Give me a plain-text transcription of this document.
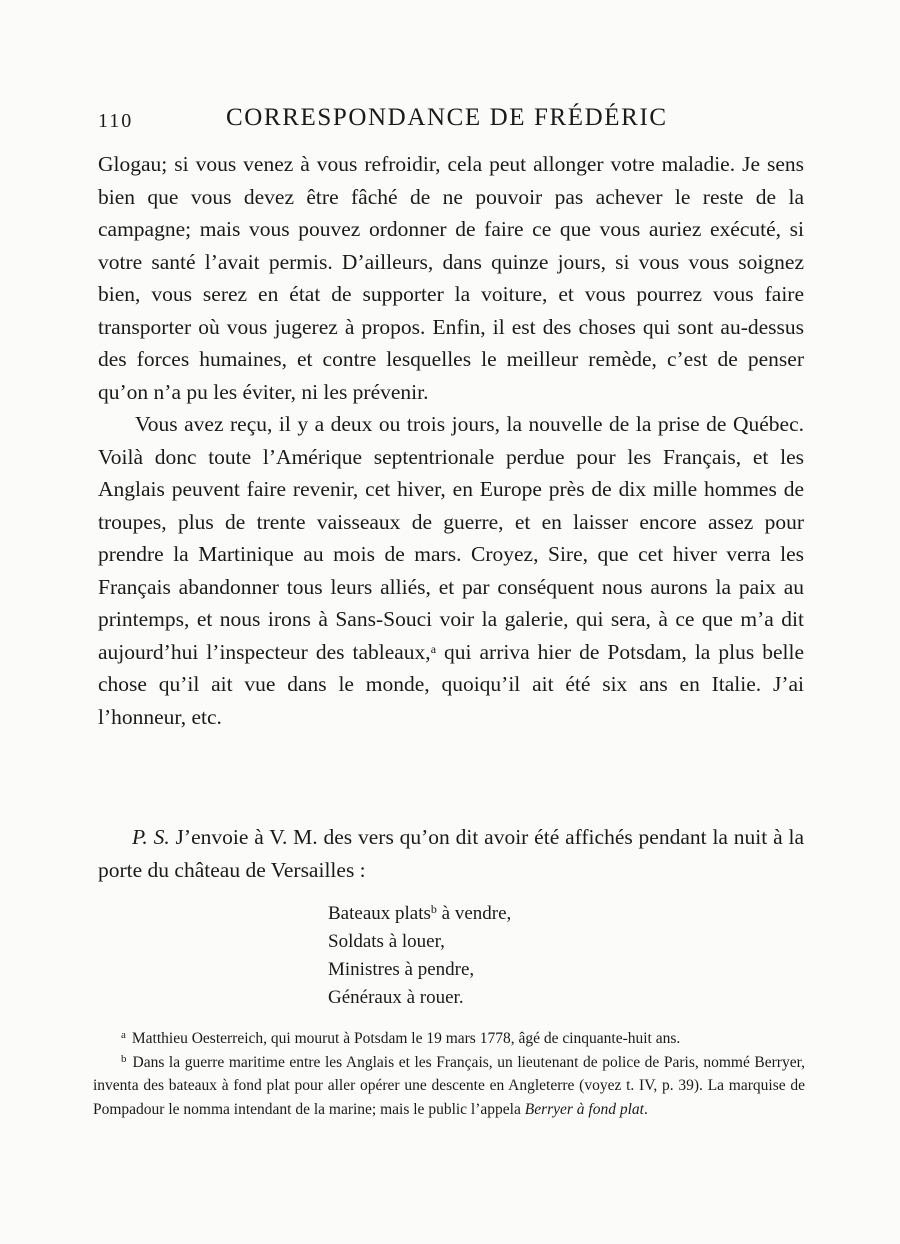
110	CORRESPONDANCE DE FRÉDÉRIC

Glogau; si vous venez à vous refroidir, cela peut allonger votre maladie. Je sens bien que vous devez être fâché de ne pouvoir pas achever le reste de la campagne; mais vous pouvez ordonner de faire ce que vous auriez exécuté, si votre santé l’avait permis. D’ailleurs, dans quinze jours, si vous vous soignez bien, vous serez en état de supporter la voiture, et vous pourrez vous faire transporter où vous jugerez à propos. Enfin, il est des choses qui sont au-dessus des forces humaines, et contre lesquelles le meilleur remède, c’est de penser qu’on n’a pu les éviter, ni les prévenir.

Vous avez reçu, il y a deux ou trois jours, la nouvelle de la prise de Québec. Voilà donc toute l’Amérique septentrionale perdue pour les Français, et les Anglais peuvent faire revenir, cet hiver, en Europe près de dix mille hommes de troupes, plus de trente vaisseaux de guerre, et en laisser encore assez pour prendre la Martinique au mois de mars. Croyez, Sire, que cet hiver verra les Français abandonner tous leurs alliés, et par conséquent nous aurons la paix au printemps, et nous irons à Sans-Souci voir la galerie, qui sera, à ce que m’a dit aujourd’hui l’inspecteur des tableaux,$^a$ qui arriva hier de Potsdam, la plus belle chose qu’il ait vue dans le monde, quoiqu’il ait été six ans en Italie. J’ai l’honneur, etc.

P. S. J’envoie à V. M. des vers qu’on dit avoir été affichés pendant la nuit à la porte du château de Versailles :

Bateaux plats$^b$ à vendre,
Soldats à louer,
Ministres à pendre,
Généraux à rouer.

$^a$ Matthieu Oesterreich, qui mourut à Potsdam le 19 mars 1778, âgé de cinquante-huit ans.

$^b$ Dans la guerre maritime entre les Anglais et les Français, un lieutenant de police de Paris, nommé Berryer, inventa des bateaux à fond plat pour aller opérer une descente en Angleterre (voyez t. IV, p. 39). La marquise de Pompadour le nomma intendant de la marine; mais le public l’appela Berryer à fond plat.
